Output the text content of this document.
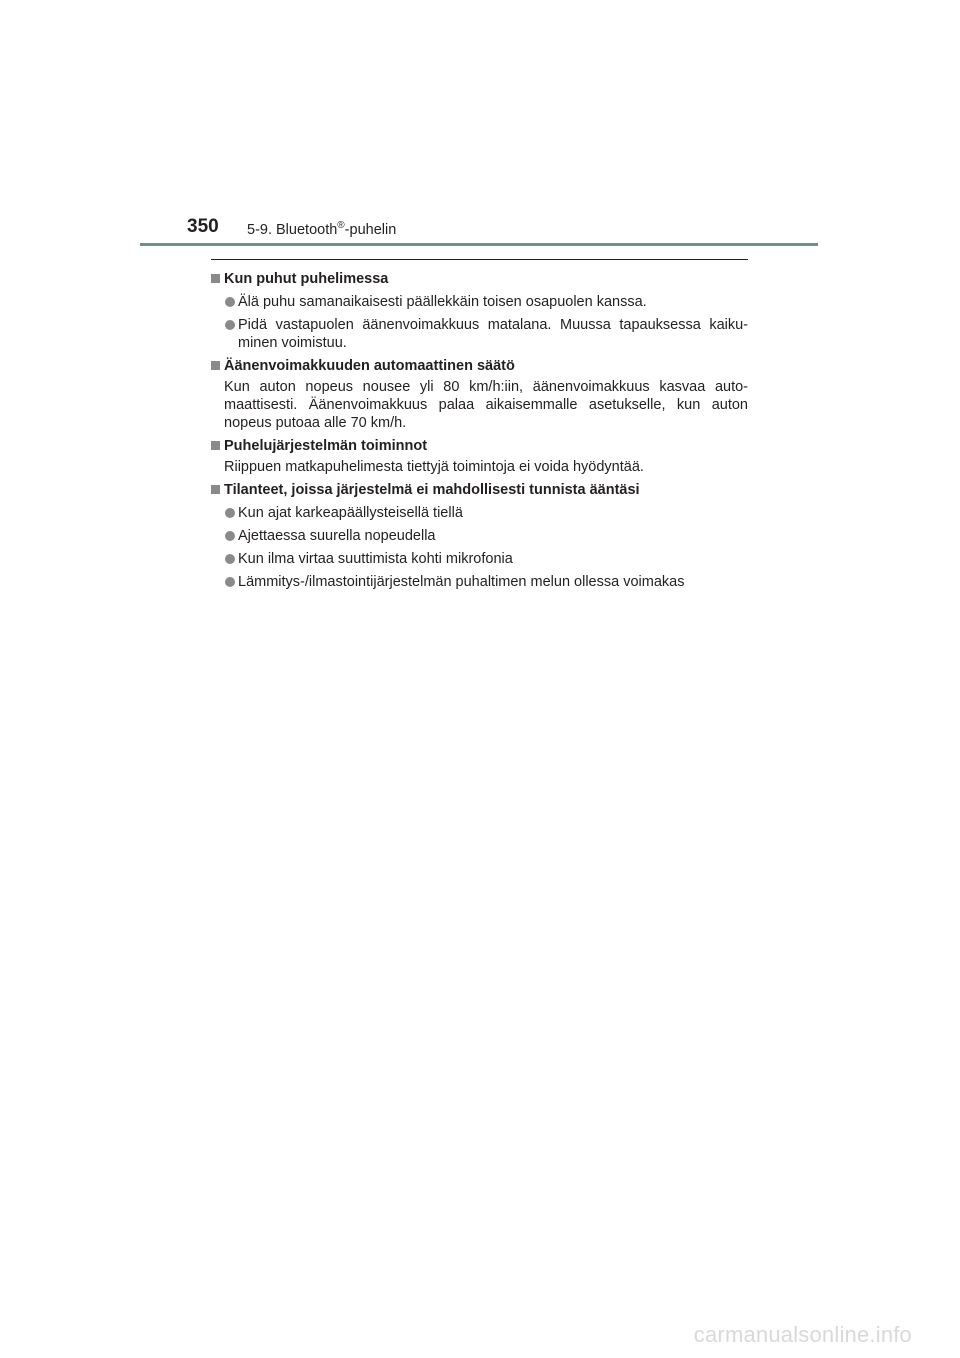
350 5-9. Bluetooth®-puhelin
Kun puhut puhelimessa
Älä puhu samanaikaisesti päällekkäin toisen osapuolen kanssa.
Pidä vastapuolen äänenvoimakkuus matalana. Muussa tapauksessa kaiku-minen voimistuu.
Äänenvoimakkuuden automaattinen säätö
Kun auton nopeus nousee yli 80 km/h:iin, äänenvoimakkuus kasvaa auto-maattisesti. Äänenvoimakkuus palaa aikaisemmalle asetukselle, kun auton nopeus putoaa alle 70 km/h.
Puhelujärjestelmän toiminnot
Riippuen matkapuhelimesta tiettyjä toimintoja ei voida hyödyntää.
Tilanteet, joissa järjestelmä ei mahdollisesti tunnista ääntäsi
Kun ajat karkeapäällysteisellä tiellä
Ajettaessa suurella nopeudella
Kun ilma virtaa suuttimista kohti mikrofonia
Lämmitys-/ilmastointijärjestelmän puhaltimen melun ollessa voimakas
carmanualsonline.info
